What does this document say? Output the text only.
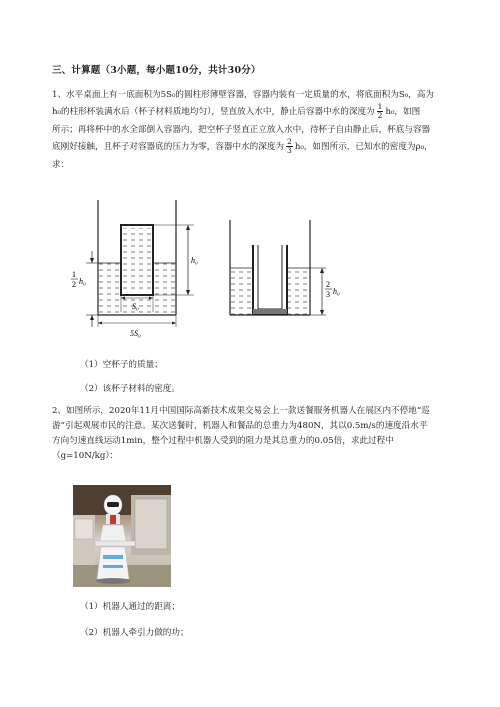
三、计算题（3小题，每小题10分，共计30分）
1、水平桌面上有一底面积为5S₀的圆柱形薄壁容器，容器内装有一定质量的水，将底面积为S₀，高为
h₀的柱形杯装满水后（杯子材料质地均匀），竖直放入水中，静止后容器中水的深度为 $\frac{1}{2} h_0$，如图
所示；再将杯中的水全部倒入容器内，把空杯子竖直正立放入水中，待杯子自由静止后，杯底与容器
底刚好接触，且杯子对容器底的压力为零，容器中水的深度为 $\frac{2}{3} h_0$，如图所示，已知水的密度为ρ₀，
求：
h₀
1
2 h₀
S₀
5S₀
2
3 h₀
（1）空杯子的质量；
（2）该杯子材料的密度。
2、如图所示，2020年11月中国国际高新技术成果交易会上一款送餐服务机器人在展区内不停地“巡
游”引起观展市民的注意。某次送餐时，机器人和餐品的总重力为480N，其以0.5m/s的速度沿水平
方向匀速直线运动1min，整个过程中机器人受到的阻力是其总重力的0.05倍，求此过程中
（g=10N/kg）：
（1）机器人通过的距离；
（2）机器人牵引力做的功；
